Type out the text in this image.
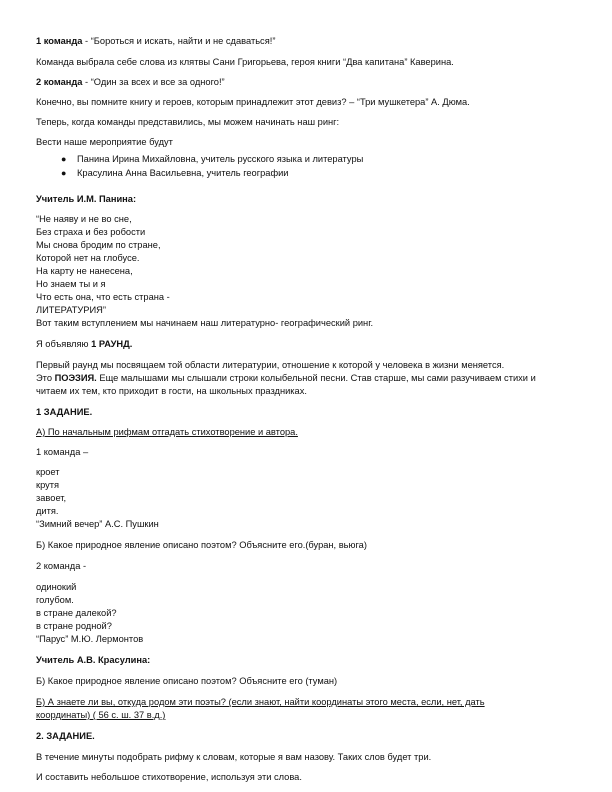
1 команда - “Бороться и искать, найти и не сдаваться!”
Команда выбрала себе слова из клятвы Сани Григорьева, героя книги “Два капитана” Каверина.
2 команда - “Один за всех и все за одного!”
Конечно, вы помните книгу и героев, которым принадлежит этот девиз? – “Три мушкетера” А. Дюма.
Теперь, когда команды представились, мы можем начинать наш ринг:
Вести наше мероприятие будут
● Панина Ирина Михайловна, учитель русского языка и литературы
● Красулина Анна Васильевна, учитель географии
Учитель И.М. Панина:
“Не наяву и не во сне,
Без страха и без робости
Мы снова бродим по стране,
Которой нет на глобусе.
На карту не нанесена,
Но знаем ты и я
Что есть она, что есть страна -
ЛИТЕРАТУРИЯ”
Вот таким вступлением мы начинаем наш литературно- географический ринг.
Я объявляю 1 РАУНД.
Первый раунд мы посвящаем той области литературии, отношение к которой у человека в жизни меняется.
Это ПОЭЗИЯ. Еще малышами мы слышали строки колыбельной песни. Став старше, мы сами разучиваем стихи и
читаем их тем, кто приходит в гости, на школьных праздниках.
1 ЗАДАНИЕ.
А) По начальным рифмам отгадать стихотворение и автора.
1 команда –
кроет
крутя
завоет,
дитя.
“Зимний вечер” А.С. Пушкин
Б) Какое природное явление описано поэтом? Объясните его.(буран, вьюга)
2 команда -
одинокий
голубом.
в стране далекой?
в стране родной?
“Парус” М.Ю. Лермонтов
Учитель А.В. Красулина:
Б) Какое природное явление описано поэтом? Объясните его (туман)
Б) А знаете ли вы, откуда родом эти поэты? (если знают, найти координаты этого места, если, нет, дать
координаты) ( 56 с. ш. 37 в.д.)
2. ЗАДАНИЕ.
В течение минуты подобрать рифму к словам, которые я вам назову. Таких слов будет три.
И составить небольшое стихотворение, используя эти слова.
